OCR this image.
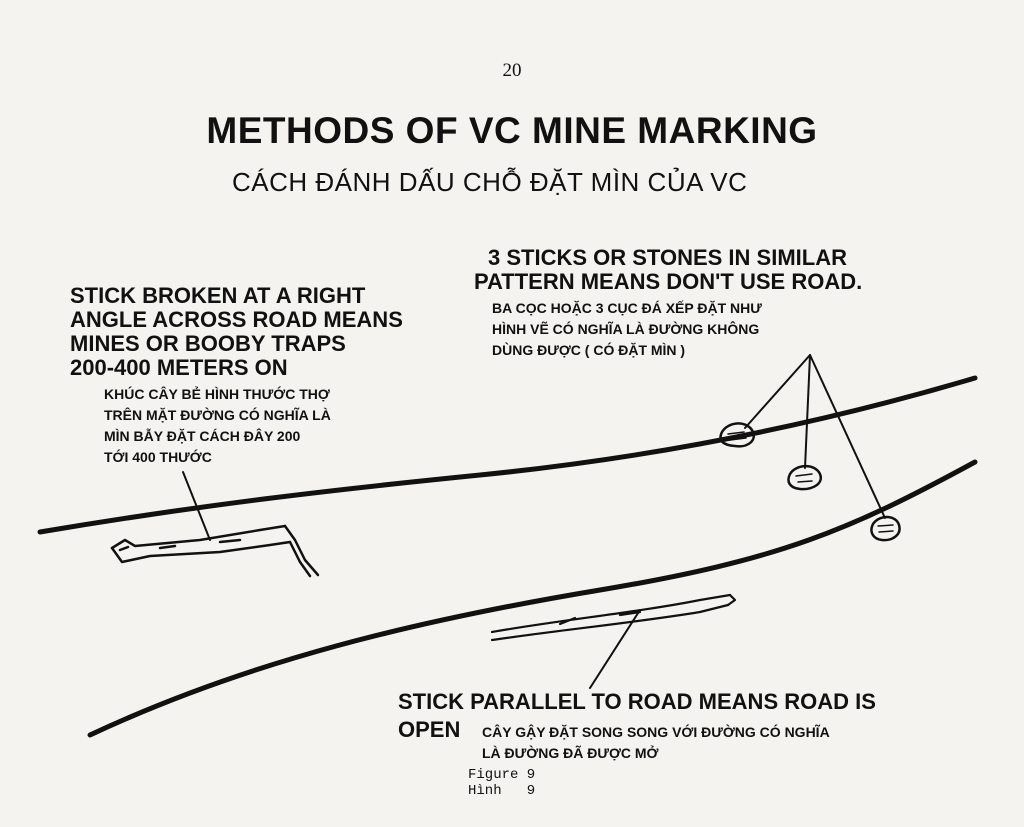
20
METHODS OF VC MINE MARKING
CÁCH ĐÁNH DẤU CHỖ ĐẶT MÌN CỦA VC
STICK BROKEN AT A RIGHT
ANGLE ACROSS ROAD MEANS
MINES OR BOOBY TRAPS
200-400 METERS ON
KHÚC CÂY BẺ HÌNH THƯỚC THỢ
TRÊN MẶT ĐƯỜNG CÓ NGHĨA LÀ
MÌN BẪY ĐẶT CÁCH ĐÂY 200
TỚI 400 THƯỚC
3 STICKS OR STONES IN SIMILAR
PATTERN MEANS DON'T USE ROAD.
BA CỌC HOẶC 3 CỤC ĐÁ XẾP ĐẶT NHƯ
HÌNH VẼ CÓ NGHĨA LÀ ĐƯỜNG KHÔNG
DÙNG ĐƯỢC ( CÓ ĐẶT MÌN )
STICK PARALLEL TO ROAD MEANS ROAD IS
OPEN CÂY GẬY ĐẶT SONG SONG VỚI ĐƯỜNG CÓ NGHĨA
LÀ ĐƯỜNG ĐÃ ĐƯỢC MỞ
Figure 9
Hình   9
